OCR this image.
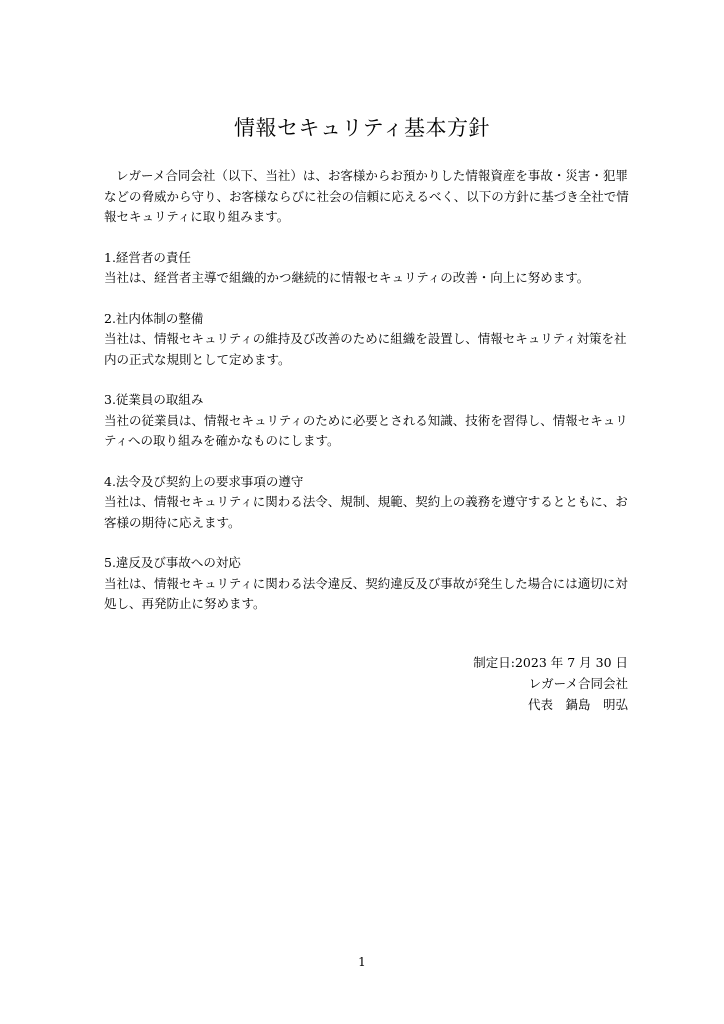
情報セキュリティ基本方針

レガーメ合同会社（以下、当社）は、お客様からお預かりした情報資産を事故・災害・犯罪などの脅威から守り、お客様ならびに社会の信頼に応えるべく、以下の方針に基づき全社で情報セキュリティに取り組みます。

1.経営者の責任

当社は、経営者主導で組織的かつ継続的に情報セキュリティの改善・向上に努めます。

2.社内体制の整備

当社は、情報セキュリティの維持及び改善のために組織を設置し、情報セキュリティ対策を社内の正式な規則として定めます。

3.従業員の取組み

当社の従業員は、情報セキュリティのために必要とされる知識、技術を習得し、情報セキュリティへの取り組みを確かなものにします。

4.法令及び契約上の要求事項の遵守

当社は、情報セキュリティに関わる法令、規制、規範、契約上の義務を遵守するとともに、お客様の期待に応えます。

5.違反及び事故への対応

当社は、情報セキュリティに関わる法令違反、契約違反及び事故が発生した場合には適切に対処し、再発防止に努めます。

制定日:2023 年 7 月 30 日
レガーメ合同会社
代表　鍋島　明弘
1
